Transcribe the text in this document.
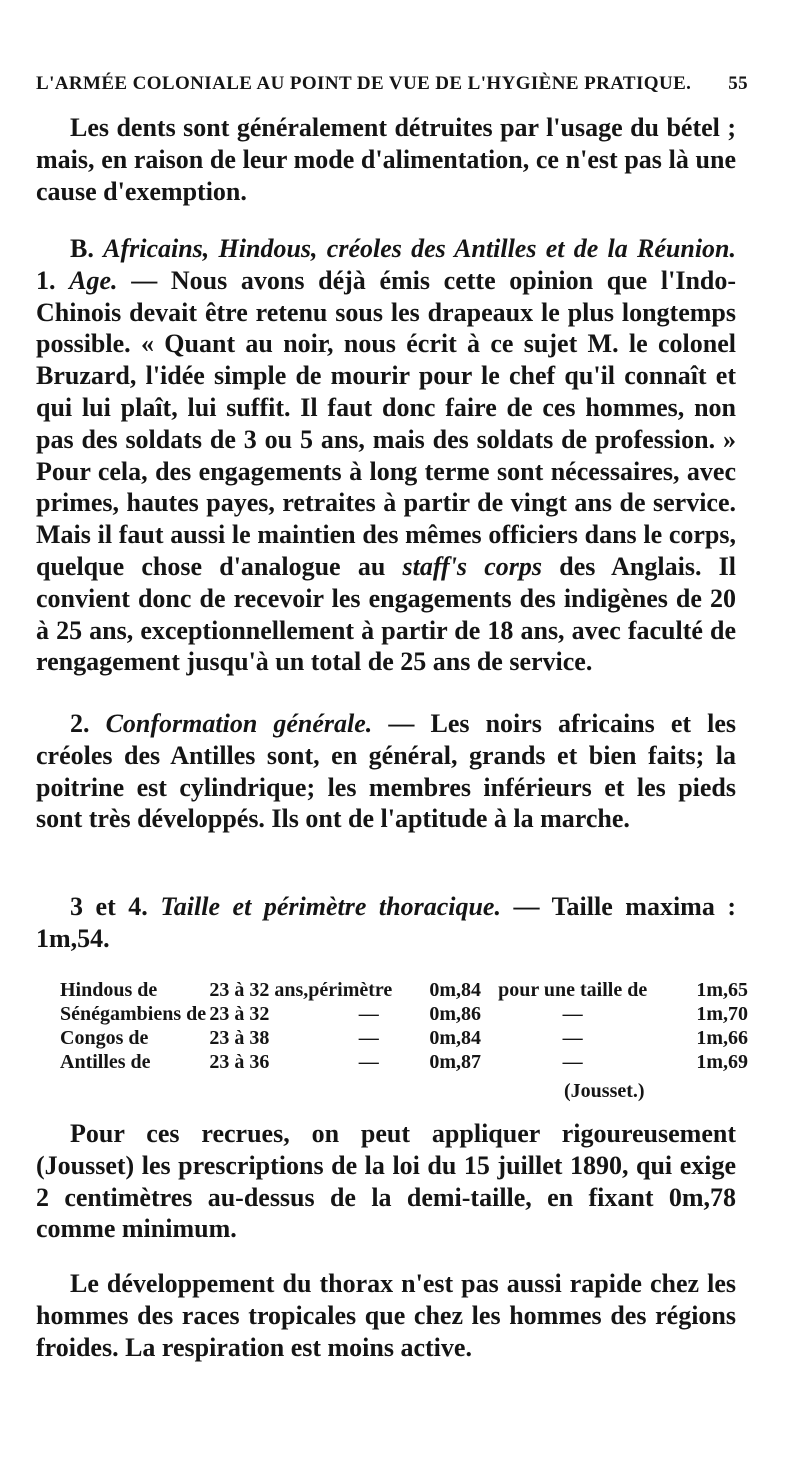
L'ARMÉE COLONIALE AU POINT DE VUE DE L'HYGIÈNE PRATIQUE. 55

Les dents sont généralement détruites par l'usage du bétel ; mais, en raison de leur mode d'alimentation, ce n'est pas là une cause d'exemption.

B. Africains, Hindous, créoles des Antilles et de la Réunion. 1. Age. — Nous avons déjà émis cette opinion que l'Indo-Chinois devait être retenu sous les drapeaux le plus longtemps possible. « Quant au noir, nous écrit à ce sujet M. le colonel Bruzard, l'idée simple de mourir pour le chef qu'il connaît et qui lui plaît, lui suffit. Il faut donc faire de ces hommes, non pas des soldats de 3 ou 5 ans, mais des soldats de profession. » Pour cela, des engagements à long terme sont nécessaires, avec primes, hautes payes, retraites à partir de vingt ans de service. Mais il faut aussi le maintien des mêmes officiers dans le corps, quelque chose d'analogue au staff's corps des Anglais. Il convient donc de recevoir les engagements des indigènes de 20 à 25 ans, exceptionnellement à partir de 18 ans, avec faculté de rengagement jusqu'à un total de 25 ans de service.

2. Conformation générale. — Les noirs africains et les créoles des Antilles sont, en général, grands et bien faits; la poitrine est cylindrique; les membres inférieurs et les pieds sont très développés. Ils ont de l'aptitude à la marche.

3 et 4. Taille et périmètre thoracique. — Taille maxima : 1m,54.

Hindous de	23 à 32 ans,	périmètre	0m,84	pour une taille de	1m,65
Sénégambiens de	23 à 32	—	0m,86	—	1m,70
Congos de	23 à 38	—	0m,84	—	1m,66
Antilles de	23 à 36	—	0m,87	—	1m,69
(Jousset.)

Pour ces recrues, on peut appliquer rigoureusement (Jousset) les prescriptions de la loi du 15 juillet 1890, qui exige 2 centimètres au-dessus de la demi-taille, en fixant 0m,78 comme minimum.

Le développement du thorax n'est pas aussi rapide chez les hommes des races tropicales que chez les hommes des régions froides. La respiration est moins active.
